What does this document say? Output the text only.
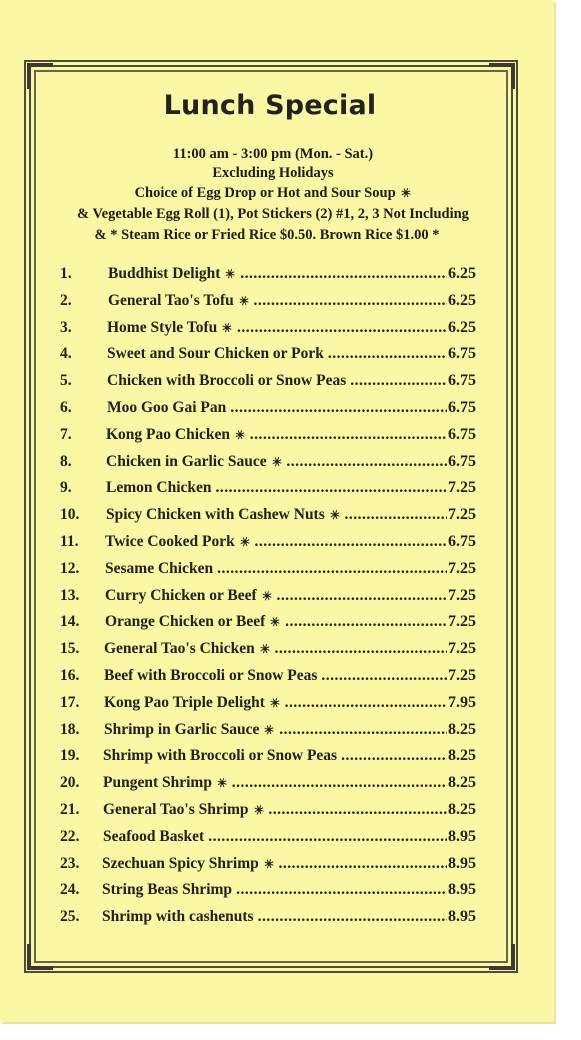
Lunch Special
11:00 am - 3:00 pm (Mon. - Sat.)
Excluding Holidays
Choice of Egg Drop or Hot and Sour Soup ☀
& Vegetable Egg Roll (1), Pot Stickers (2) #1, 2, 3 Not Including
& * Steam Rice or Fried Rice $0.50. Brown Rice $1.00 *
1. Buddhist Delight ☀ .....	6.25
2. General Tao's Tofu ☀ .....	6.25
3. Home Style Tofu ☀ .....	6.25
4. Sweet and Sour Chicken or Pork .....	6.75
5. Chicken with Broccoli or Snow Peas .....	6.75
6. Moo Goo Gai Pan .....	6.75
7. Kong Pao Chicken ☀ .....	6.75
8. Chicken in Garlic Sauce ☀ .....	6.75
9. Lemon Chicken .....	7.25
10. Spicy Chicken with Cashew Nuts ☀ .....	7.25
11. Twice Cooked Pork ☀ .....	6.75
12. Sesame Chicken .....	7.25
13. Curry Chicken or Beef ☀ .....	7.25
14. Orange Chicken or Beef ☀ .....	7.25
15. General Tao's Chicken ☀ .....	7.25
16. Beef with Broccoli or Snow Peas .....	7.25
17. Kong Pao Triple Delight ☀ .....	7.95
18. Shrimp in Garlic Sauce ☀ .....	8.25
19. Shrimp with Broccoli or Snow Peas .....	8.25
20. Pungent Shrimp ☀ .....	8.25
21. General Tao's Shrimp ☀ .....	8.25
22. Seafood Basket .....	8.95
23. Szechuan Spicy Shrimp ☀ .....	8.95
24. String Beas Shrimp .....	8.95
25. Shrimp with cashenuts .....	8.95
